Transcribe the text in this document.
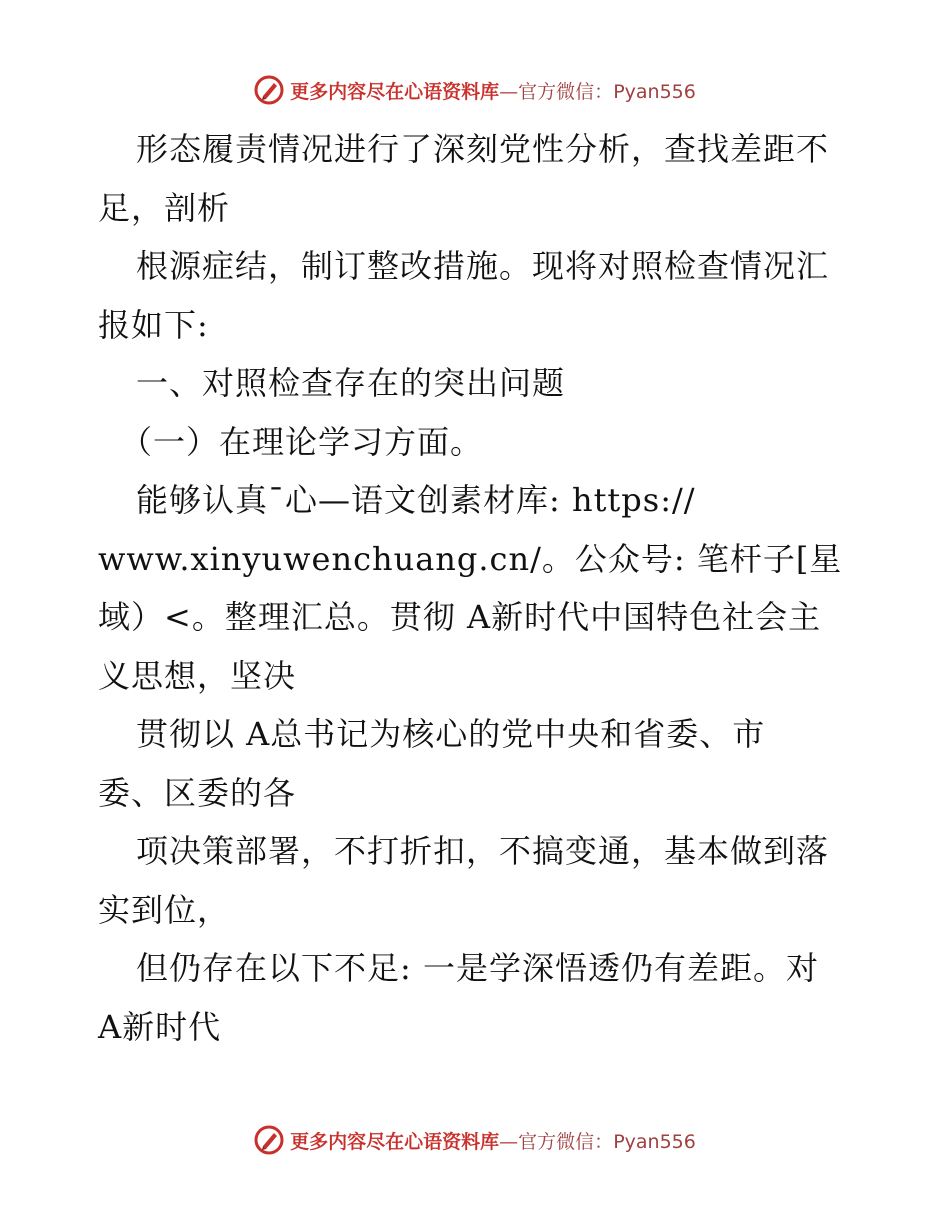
更多内容尽在心语资料库—官方微信：Pyan556
形态履责情况进行了深刻党性分析，查找差距不
足，剖析
根源症结，制订整改措施。现将对照检查情况汇
报如下:
一、对照检查存在的突出问题
（一）在理论学习方面。
能够认真¯心—语文创素材库: https://
www.xinyuwenchuang.cn/。公众号: 笔杆子[星
域）<。整理汇总。贯彻 A新时代中国特色社会主
义思想，坚决
贯彻以 A总书记为核心的党中央和省委、市
委、区委的各
项决策部署，不打折扣，不搞变通，基本做到落
实到位，
但仍存在以下不足: 一是学深悟透仍有差距。对
A新时代
更多内容尽在心语资料库—官方微信：Pyan556
